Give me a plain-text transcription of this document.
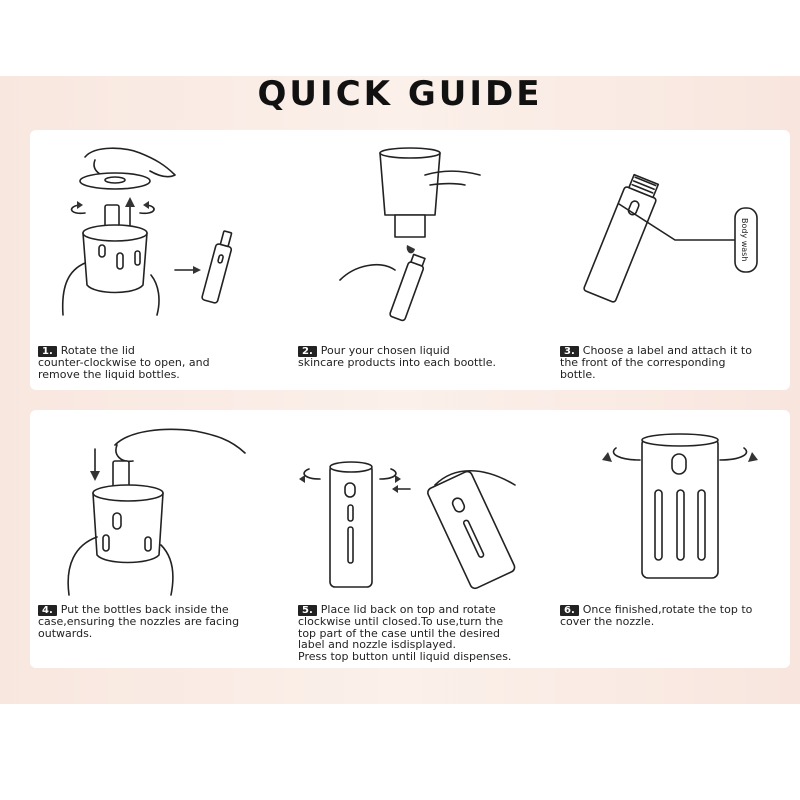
QUICK GUIDE
Body wash
1. Rotate the lid
counter-clockwise to open, and
remove the liquid bottles.
2. Pour your chosen liquid
skincare products into each boottle.
3. Choose a label and attach it to
the front of the corresponding
bottle.
4. Put the bottles back inside the
case,ensuring the nozzles are facing
outwards.
5. Place lid back on top and rotate
clockwise until closed.To use,turn the
top part of the case until the desired
label and nozzle isdisplayed.
Press top button until liquid dispenses.
6. Once finished,rotate the top to
cover the nozzle.
